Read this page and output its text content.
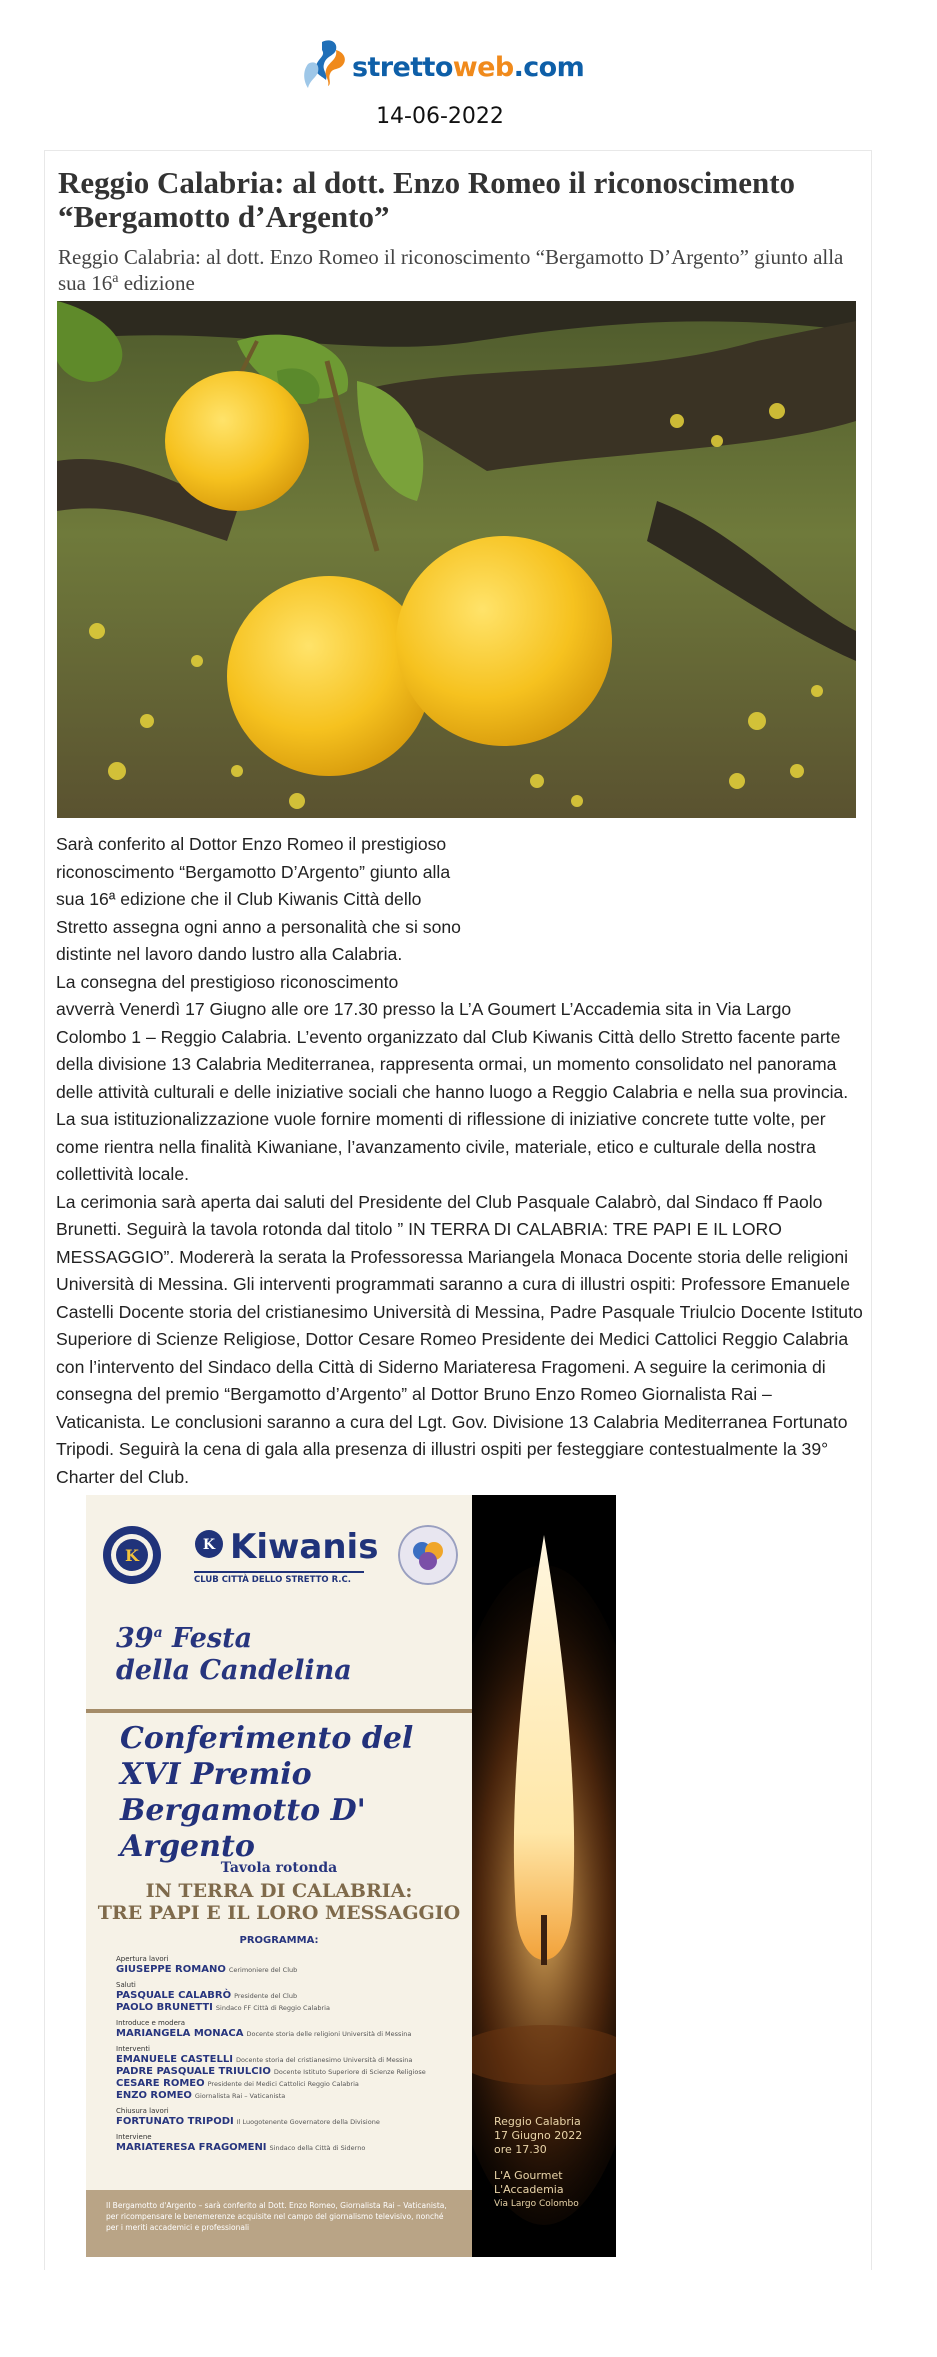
strettoweb.com
14-06-2022
Reggio Calabria: al dott. Enzo Romeo il riconoscimento “Bergamotto d’Argento”
Reggio Calabria: al dott. Enzo Romeo il riconoscimento “Bergamotto D’Argento” giunto alla sua 16$^a$ edizione

Sarà conferito al Dottor Enzo Romeo il prestigioso riconoscimento “Bergamotto D’Argento” giunto alla sua 16ª edizione che il Club Kiwanis Città dello Stretto assegna ogni anno a personalità che si sono distinte nel lavoro dando lustro alla Calabria.

La consegna del prestigioso riconoscimento

avverrà Venerdì 17 Giugno alle ore 17.30 presso la L’A Goumert L’Accademia sita in Via Largo Colombo 1 – Reggio Calabria. L’evento organizzato dal Club Kiwanis Città dello Stretto facente parte della divisione 13 Calabria Mediterranea, rappresenta ormai, un momento consolidato nel panorama delle attività culturali e delle iniziative sociali che hanno luogo a Reggio Calabria e nella sua provincia. La sua istituzionalizzazione vuole fornire momenti di riflessione di iniziative concrete tutte volte, per come rientra nella finalità Kiwaniane, l’avanzamento civile, materiale, etico e culturale della nostra collettività locale.

La cerimonia sarà aperta dai saluti del Presidente del Club Pasquale Calabrò, dal Sindaco ff Paolo Brunetti. Seguirà la tavola rotonda dal titolo ” IN TERRA DI CALABRIA: TRE PAPI E IL LORO MESSAGGIO”. Modererà la serata la Professoressa Mariangela Monaca Docente storia delle religioni Università di Messina. Gli interventi programmati saranno a cura di illustri ospiti: Professore Emanuele Castelli Docente storia del cristianesimo Università di Messina, Padre Pasquale Triulcio Docente Istituto Superiore di Scienze Religiose, Dottor Cesare Romeo Presidente dei Medici Cattolici Reggio Calabria con l’intervento del Sindaco della Città di Siderno Mariateresa Fragomeni. A seguire la cerimonia di consegna del premio “Bergamotto d’Argento” al Dottor Bruno Enzo Romeo Giornalista Rai – Vaticanista. Le conclusioni saranno a cura del Lgt. Gov. Divisione 13 Calabria Mediterranea Fortunato Tripodi. Seguirà la cena di gala alla presenza di illustri ospiti per festeggiare contestualmente la 39° Charter del Club.

K
K Kiwanis
CLUB CITTÀ DELLO STRETTO R.C.
39$^a$ Festa
della Candelina
Conferimento del XVI Premio Bergamotto D' Argento
Tavola rotonda
IN TERRA DI CALABRIA:
TRE PAPI E IL LORO MESSAGGIO
PROGRAMMA:
Apertura lavori
GIUSEPPE ROMANO Cerimoniere del Club
Saluti
PASQUALE CALABRÒ Presidente del Club
PAOLO BRUNETTI Sindaco FF Città di Reggio Calabria
Introduce e modera
MARIANGELA MONACA Docente storia delle religioni Università di Messina
Interventi
EMANUELE CASTELLI Docente storia del cristianesimo Università di Messina
PADRE PASQUALE TRIULCIO Docente Istituto Superiore di Scienze Religiose
CESARE ROMEO Presidente dei Medici Cattolici Reggio Calabria
ENZO ROMEO Giornalista Rai – Vaticanista
Chiusura lavori
FORTUNATO TRIPODI Il Luogotenente Governatore della Divisione
Interviene
MARIATERESA FRAGOMENI Sindaco della Città di Siderno
Il Bergamotto d'Argento – sarà conferito al Dott. Enzo Romeo, Giornalista Rai – Vaticanista, per ricompensare le benemerenze acquisite nel campo del giornalismo televisivo, nonché per i meriti accademici e professionali
Reggio Calabria
17 Giugno 2022
ore 17.30
L'A Gourmet
L'Accademia
Via Largo Colombo
